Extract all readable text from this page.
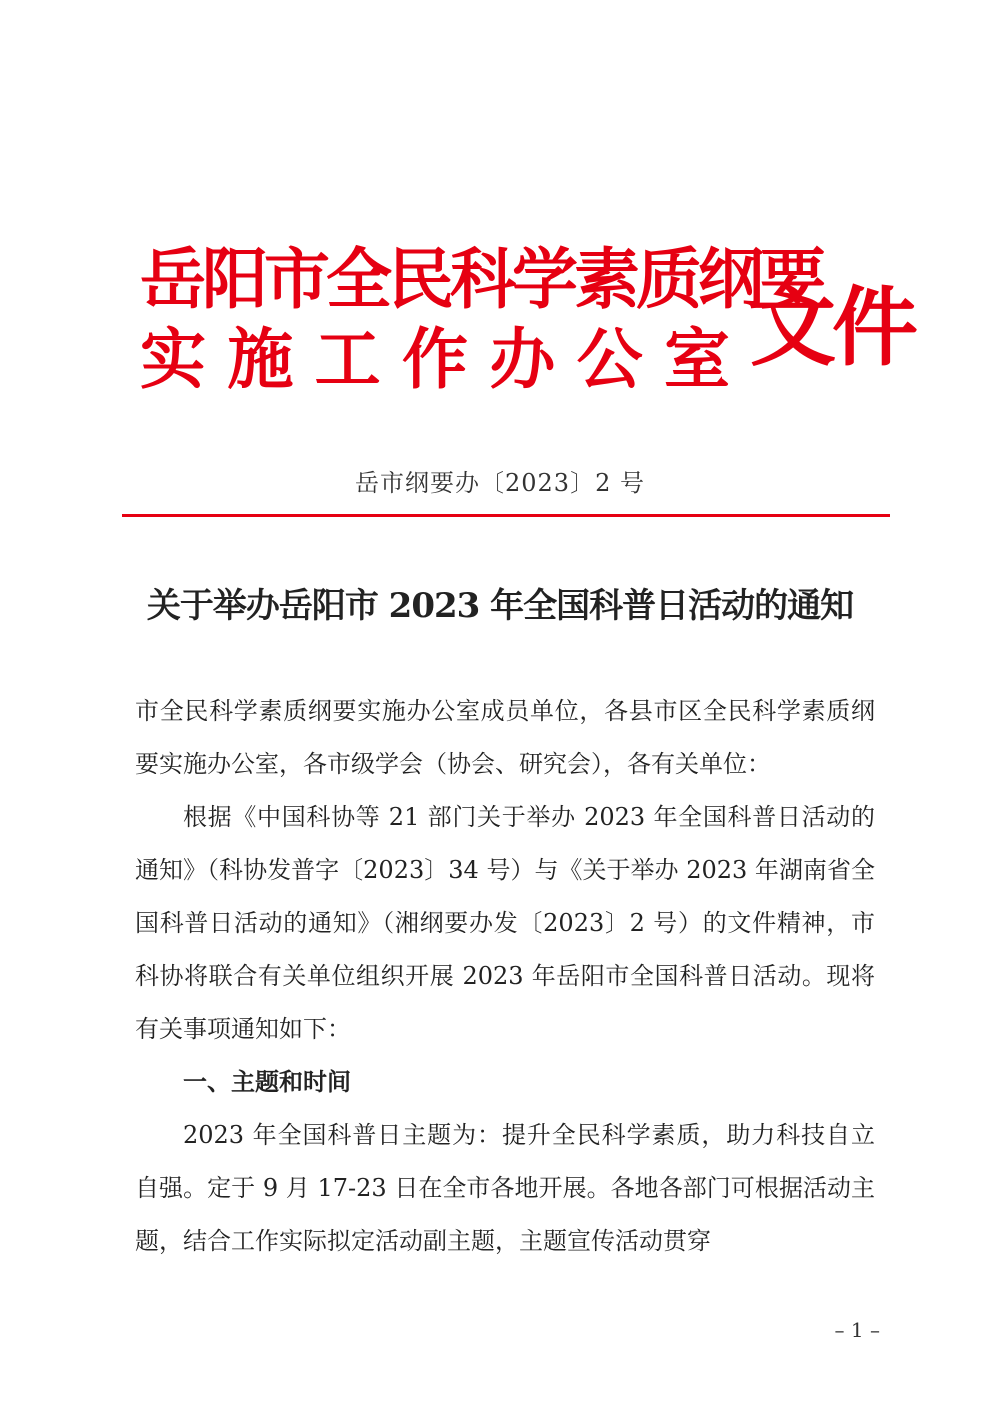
岳阳市全民科学素质纲要
实 施 工 作 办 公 室 文件
岳市纲要办〔2023〕2 号
关于举办岳阳市 2023 年全国科普日活动的通知

市全民科学素质纲要实施办公室成员单位，各县市区全民科学素质纲要实施办公室，各市级学会（协会、研究会），各有关单位：

根据《中国科协等 21 部门关于举办 2023 年全国科普日活动的通知》（科协发普字〔2023〕34 号）与《关于举办 2023 年湖南省全国科普日活动的通知》（湘纲要办发〔2023〕2 号）的文件精神，市科协将联合有关单位组织开展 2023 年岳阳市全国科普日活动。现将有关事项通知如下：

一、主题和时间

2023 年全国科普日主题为：提升全民科学素质，助力科技自立自强。定于 9 月 17-23 日在全市各地开展。各地各部门可根据活动主题，结合工作实际拟定活动副主题，主题宣传活动贯穿

– 1 –
